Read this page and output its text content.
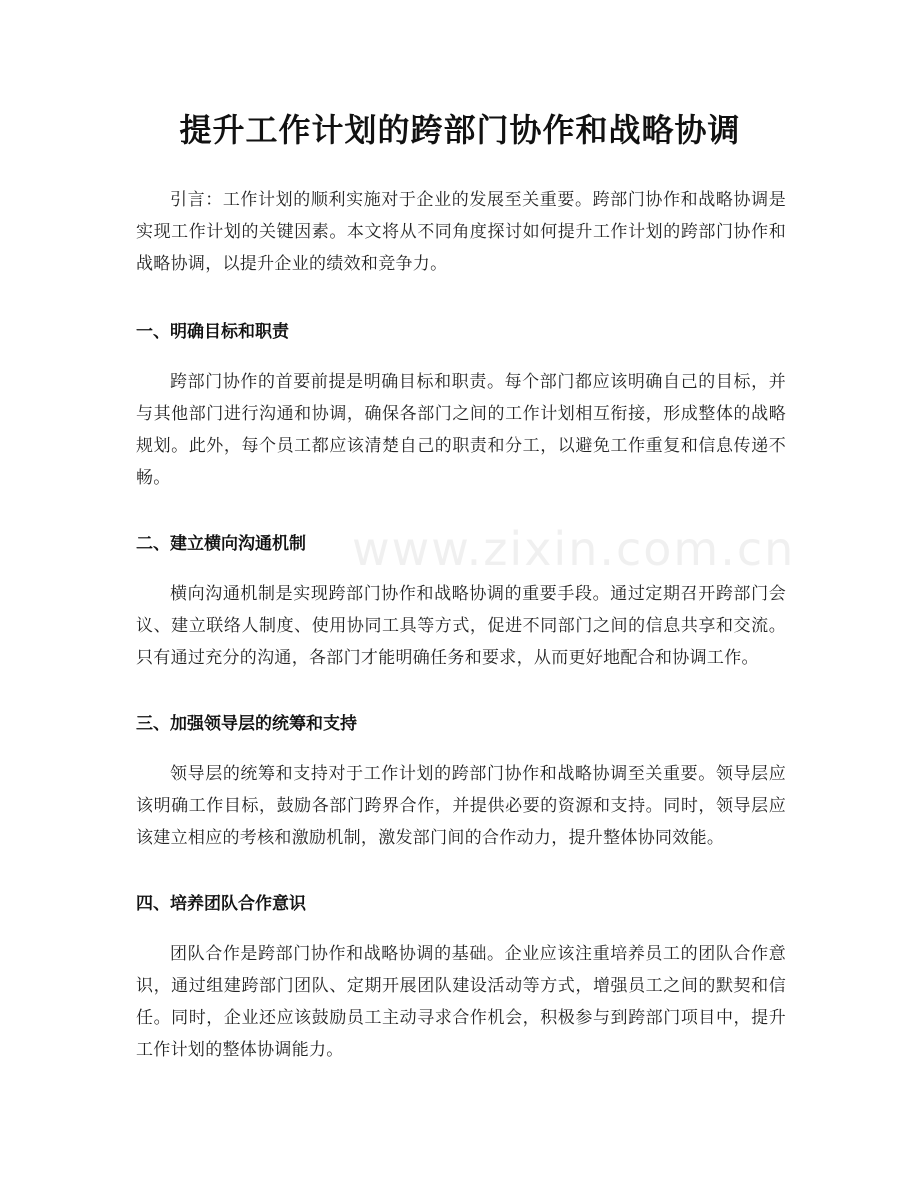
提升工作计划的跨部门协作和战略协调
www.zixin.com.cn

引言：工作计划的顺利实施对于企业的发展至关重要。跨部门协作和战略协调是实现工作计划的关键因素。本文将从不同角度探讨如何提升工作计划的跨部门协作和战略协调，以提升企业的绩效和竞争力。

一、明确目标和职责

跨部门协作的首要前提是明确目标和职责。每个部门都应该明确自己的目标，并与其他部门进行沟通和协调，确保各部门之间的工作计划相互衔接，形成整体的战略规划。此外，每个员工都应该清楚自己的职责和分工，以避免工作重复和信息传递不畅。

二、建立横向沟通机制

横向沟通机制是实现跨部门协作和战略协调的重要手段。通过定期召开跨部门会议、建立联络人制度、使用协同工具等方式，促进不同部门之间的信息共享和交流。只有通过充分的沟通，各部门才能明确任务和要求，从而更好地配合和协调工作。

三、加强领导层的统筹和支持

领导层的统筹和支持对于工作计划的跨部门协作和战略协调至关重要。领导层应该明确工作目标，鼓励各部门跨界合作，并提供必要的资源和支持。同时，领导层应该建立相应的考核和激励机制，激发部门间的合作动力，提升整体协同效能。

四、培养团队合作意识

团队合作是跨部门协作和战略协调的基础。企业应该注重培养员工的团队合作意识，通过组建跨部门团队、定期开展团队建设活动等方式，增强员工之间的默契和信任。同时，企业还应该鼓励员工主动寻求合作机会，积极参与到跨部门项目中，提升工作计划的整体协调能力。
